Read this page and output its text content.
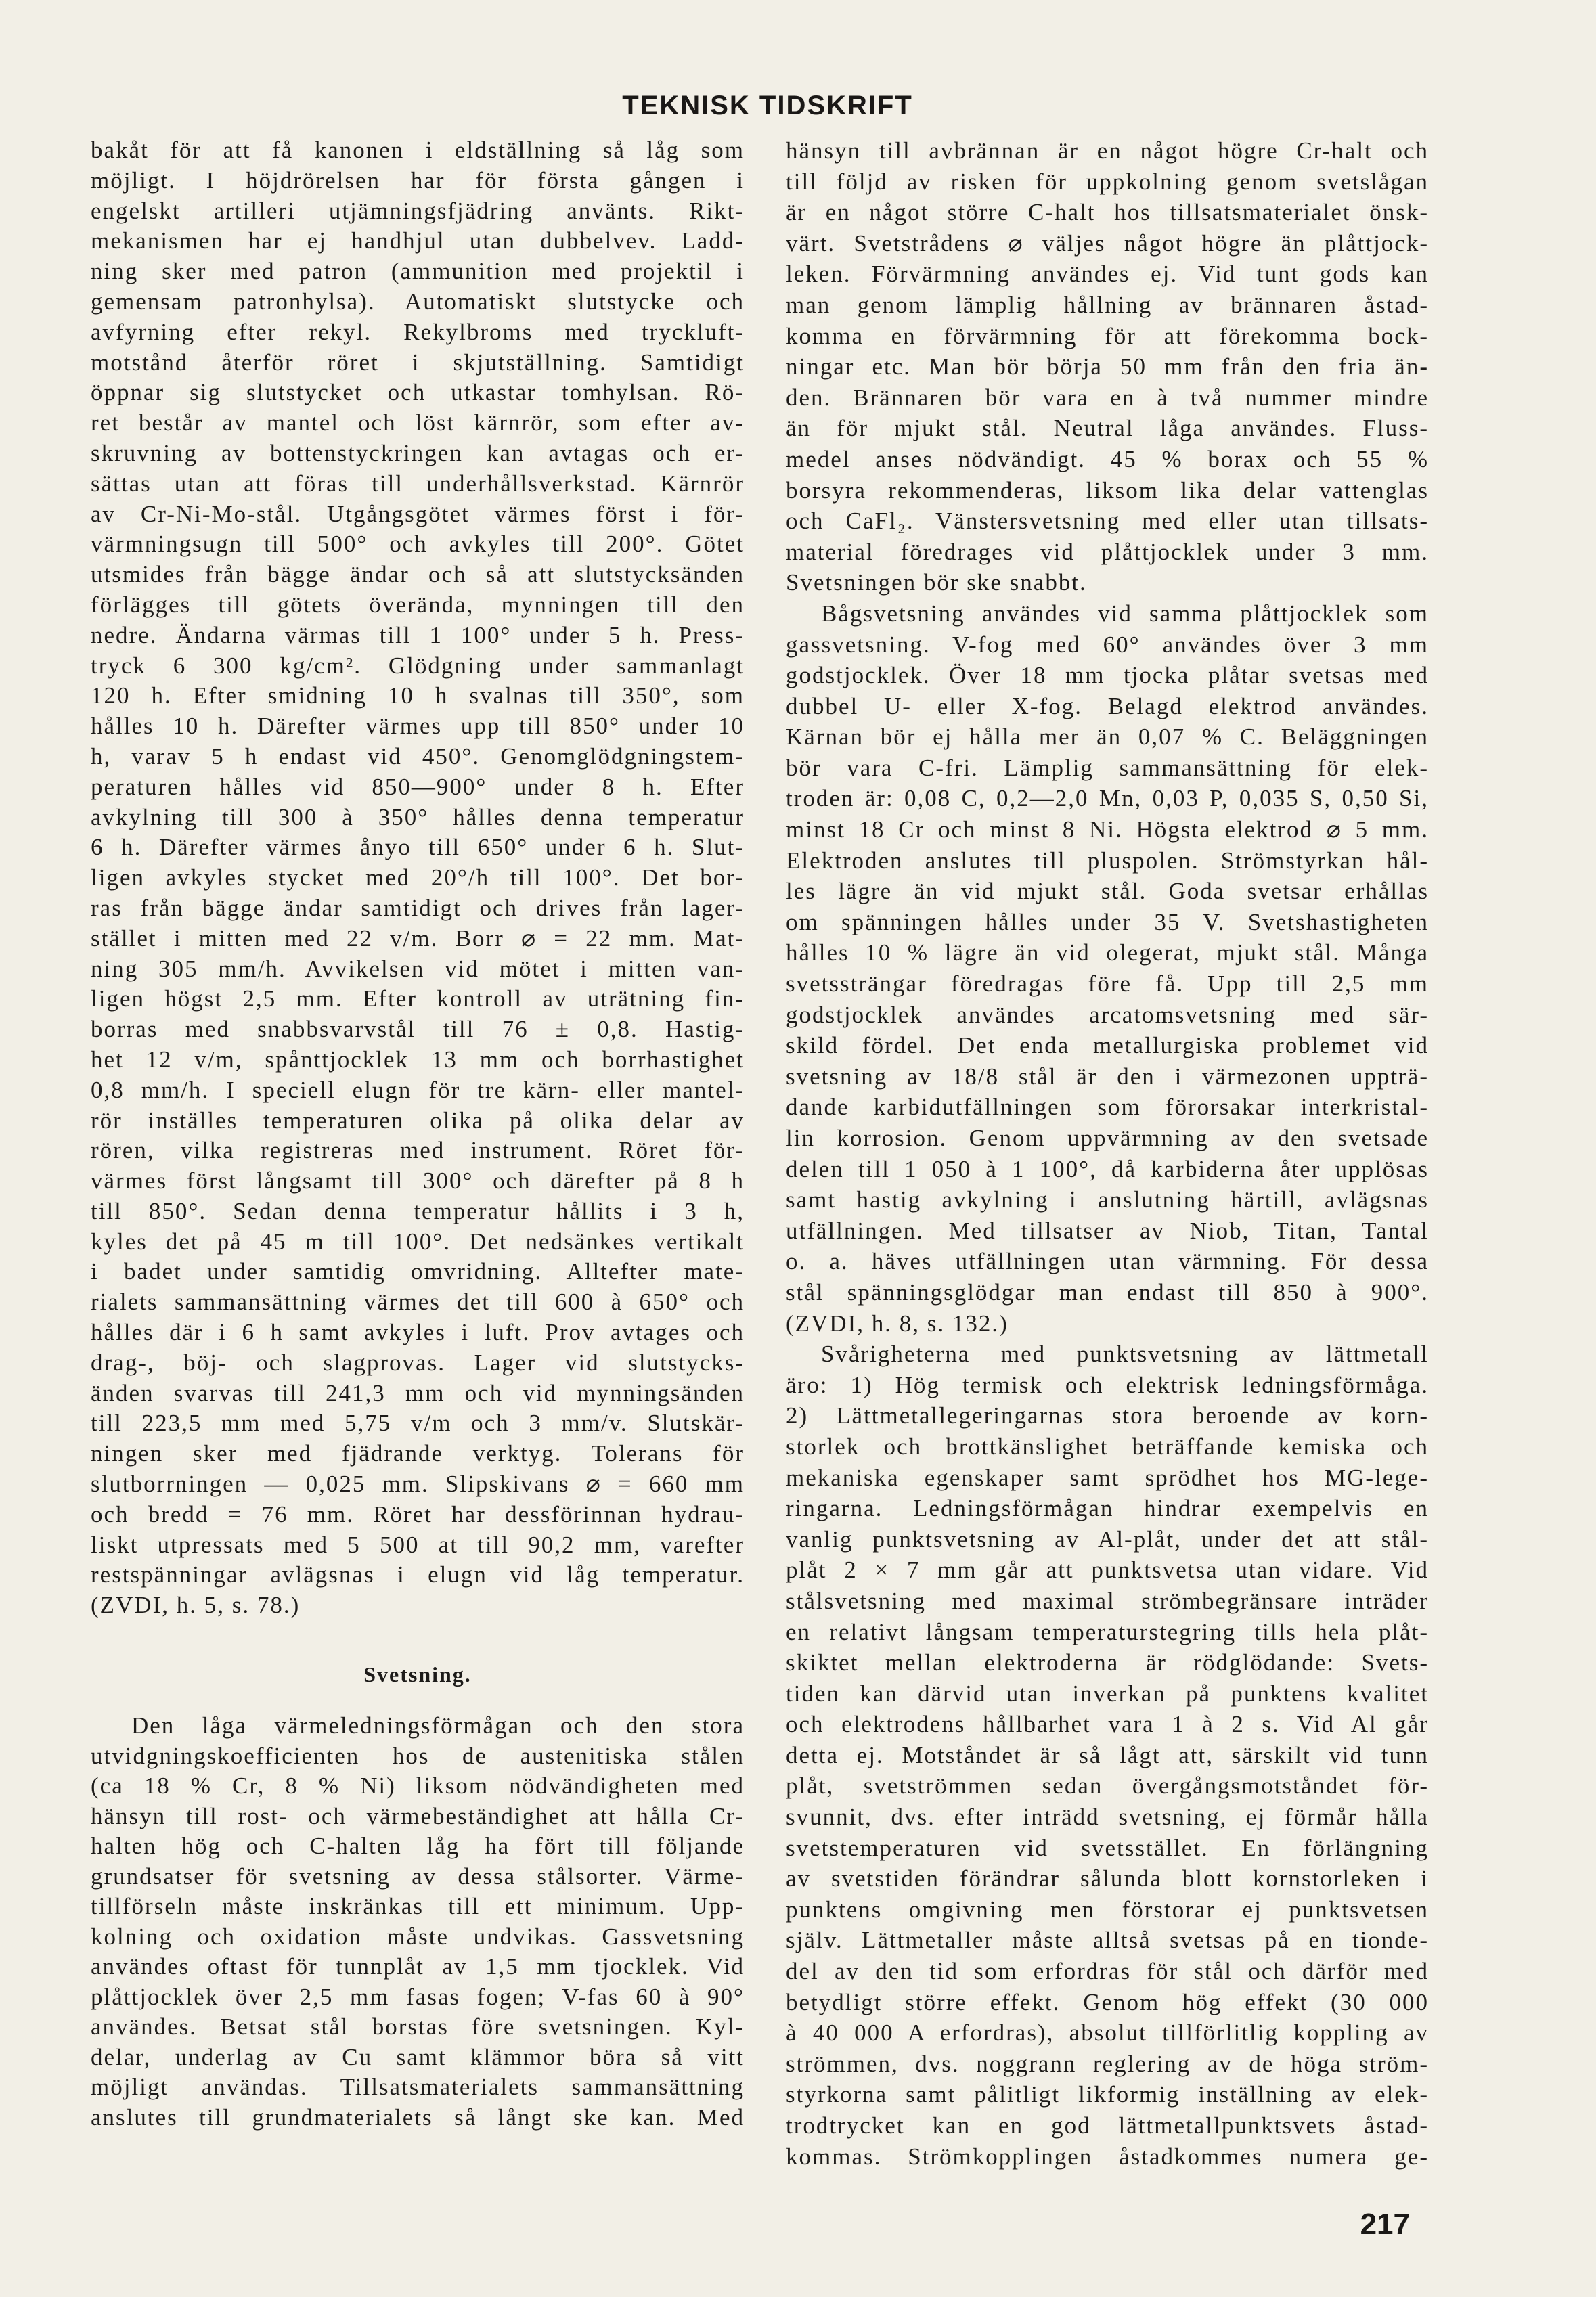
TEKNISK TIDSKRIFT
bakåt för att få kanonen i eldställning så låg som
möjligt. I höjdrörelsen har för första gången i
engelskt artilleri utjämningsfjädring använts. Rikt-
mekanismen har ej handhjul utan dubbelvev. Ladd-
ning sker med patron (ammunition med projektil i
gemensam patronhylsa). Automatiskt slutstycke och
avfyrning efter rekyl. Rekylbroms med tryckluft-
motstånd återför röret i skjutställning. Samtidigt
öppnar sig slutstycket och utkastar tomhylsan. Rö-
ret består av mantel och löst kärnrör, som efter av-
skruvning av bottenstyckringen kan avtagas och er-
sättas utan att föras till underhållsverkstad. Kärnrör
av Cr-Ni-Mo-stål. Utgångsgötet värmes först i för-
värmningsugn till 500° och avkyles till 200°. Götet
utsmides från bägge ändar och så att slutstycksänden
förlägges till götets överända, mynningen till den
nedre. Ändarna värmas till 1 100° under 5 h. Press-
tryck 6 300 kg/cm². Glödgning under sammanlagt
120 h. Efter smidning 10 h svalnas till 350°, som
hålles 10 h. Därefter värmes upp till 850° under 10
h, varav 5 h endast vid 450°. Genomglödgningstem-
peraturen hålles vid 850—900° under 8 h. Efter
avkylning till 300 à 350° hålles denna temperatur
6 h. Därefter värmes ånyo till 650° under 6 h. Slut-
ligen avkyles stycket med 20°/h till 100°. Det bor-
ras från bägge ändar samtidigt och drives från lager-
stället i mitten med 22 v/m. Borr ⌀ = 22 mm. Mat-
ning 305 mm/h. Avvikelsen vid mötet i mitten van-
ligen högst 2,5 mm. Efter kontroll av uträtning fin-
borras med snabbsvarvstål till 76 ± 0,8. Hastig-
het 12 v/m, spånttjocklek 13 mm och borrhastighet
0,8 mm/h. I speciell elugn för tre kärn- eller mantel-
rör inställes temperaturen olika på olika delar av
rören, vilka registreras med instrument. Röret för-
värmes först långsamt till 300° och därefter på 8 h
till 850°. Sedan denna temperatur hållits i 3 h,
kyles det på 45 m till 100°. Det nedsänkes vertikalt
i badet under samtidig omvridning. Alltefter mate-
rialets sammansättning värmes det till 600 à 650° och
hålles där i 6 h samt avkyles i luft. Prov avtages och
drag-, böj- och slagprovas. Lager vid slutstycks-
änden svarvas till 241,3 mm och vid mynningsänden
till 223,5 mm med 5,75 v/m och 3 mm/v. Slutskär-
ningen sker med fjädrande verktyg. Tolerans för
slutborrningen — 0,025 mm. Slipskivans ⌀ = 660 mm
och bredd = 76 mm. Röret har dessförinnan hydrau-
liskt utpressats med 5 500 at till 90,2 mm, varefter
restspänningar avlägsnas i elugn vid låg temperatur.
(ZVDI, h. 5, s. 78.)
Svetsning.
Den låga värmeledningsförmågan och den stora
utvidgningskoefficienten hos de austenitiska stålen
(ca 18 % Cr, 8 % Ni) liksom nödvändigheten med
hänsyn till rost- och värmebeständighet att hålla Cr-
halten hög och C-halten låg ha fört till följande
grundsatser för svetsning av dessa stålsorter. Värme-
tillförseln måste inskränkas till ett minimum. Upp-
kolning och oxidation måste undvikas. Gassvetsning
användes oftast för tunnplåt av 1,5 mm tjocklek. Vid
plåttjocklek över 2,5 mm fasas fogen; V-fas 60 à 90°
användes. Betsat stål borstas före svetsningen. Kyl-
delar, underlag av Cu samt klämmor böra så vitt
möjligt användas. Tillsatsmaterialets sammansättning
anslutes till grundmaterialets så långt ske kan. Med
hänsyn till avbrännan är en något högre Cr-halt och
till följd av risken för uppkolning genom svetslågan
är en något större C-halt hos tillsatsmaterialet önsk-
värt. Svetstrådens ⌀ väljes något högre än plåttjock-
leken. Förvärmning användes ej. Vid tunt gods kan
man genom lämplig hållning av brännaren åstad-
komma en förvärmning för att förekomma bock-
ningar etc. Man bör börja 50 mm från den fria än-
den. Brännaren bör vara en à två nummer mindre
än för mjukt stål. Neutral låga användes. Fluss-
medel anses nödvändigt. 45 % borax och 55 %
borsyra rekommenderas, liksom lika delar vattenglas
och CaFl₂. Vänstersvetsning med eller utan tillsats-
material föredrages vid plåttjocklek under 3 mm.
Svetsningen bör ske snabbt.
Bågsvetsning användes vid samma plåttjocklek som
gassvetsning. V-fog med 60° användes över 3 mm
godstjocklek. Över 18 mm tjocka plåtar svetsas med
dubbel U- eller X-fog. Belagd elektrod användes.
Kärnan bör ej hålla mer än 0,07 % C. Beläggningen
bör vara C-fri. Lämplig sammansättning för elek-
troden är: 0,08 C, 0,2—2,0 Mn, 0,03 P, 0,035 S, 0,50 Si,
minst 18 Cr och minst 8 Ni. Högsta elektrod ⌀ 5 mm.
Elektroden anslutes till pluspolen. Strömstyrkan hål-
les lägre än vid mjukt stål. Goda svetsar erhållas
om spänningen hålles under 35 V. Svetshastigheten
hålles 10 % lägre än vid olegerat, mjukt stål. Många
svetssträngar föredragas före få. Upp till 2,5 mm
godstjocklek användes arcatomsvetsning med sär-
skild fördel. Det enda metallurgiska problemet vid
svetsning av 18/8 stål är den i värmezonen uppträ-
dande karbidutfällningen som förorsakar interkristal-
lin korrosion. Genom uppvärmning av den svetsade
delen till 1 050 à 1 100°, då karbiderna åter upplösas
samt hastig avkylning i anslutning härtill, avlägsnas
utfällningen. Med tillsatser av Niob, Titan, Tantal
o. a. häves utfällningen utan värmning. För dessa
stål spänningsglödgar man endast till 850 à 900°.
(ZVDI, h. 8, s. 132.)
Svårigheterna med punktsvetsning av lättmetall
äro: 1) Hög termisk och elektrisk ledningsförmåga.
2) Lättmetallegeringarnas stora beroende av korn-
storlek och brottkänslighet beträffande kemiska och
mekaniska egenskaper samt sprödhet hos MG-lege-
ringarna. Ledningsförmågan hindrar exempelvis en
vanlig punktsvetsning av Al-plåt, under det att stål-
plåt 2 × 7 mm går att punktsvetsa utan vidare. Vid
stålsvetsning med maximal strömbegränsare inträder
en relativt långsam temperaturstegring tills hela plåt-
skiktet mellan elektroderna är rödglödande: Svets-
tiden kan därvid utan inverkan på punktens kvalitet
och elektrodens hållbarhet vara 1 à 2 s. Vid Al går
detta ej. Motståndet är så lågt att, särskilt vid tunn
plåt, svetströmmen sedan övergångsmotståndet för-
svunnit, dvs. efter inträdd svetsning, ej förmår hålla
svetstemperaturen vid svetsstället. En förlängning
av svetstiden förändrar sålunda blott kornstorleken i
punktens omgivning men förstorar ej punktsvetsen
själv. Lättmetaller måste alltså svetsas på en tionde-
del av den tid som erfordras för stål och därför med
betydligt större effekt. Genom hög effekt (30 000
à 40 000 A erfordras), absolut tillförlitlig koppling av
strömmen, dvs. noggrann reglering av de höga ström-
styrkorna samt pålitligt likformig inställning av elek-
trodtrycket kan en god lättmetallpunktsvets åstad-
kommas. Strömkopplingen åstadkommes numera ge-
217
